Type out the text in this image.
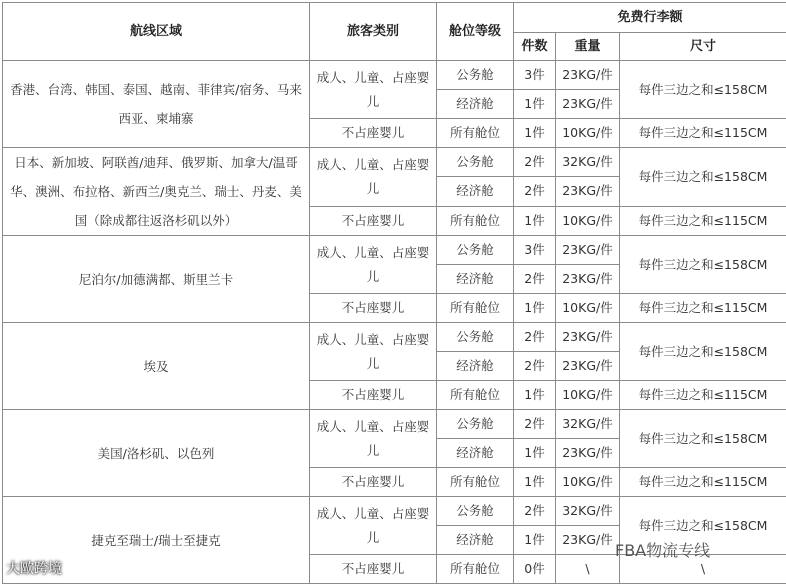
航线区域	旅客类别	舱位等级	免费行李额		
			件数	重量	尺寸
香港、台湾、韩国、泰国、越南、菲律宾/宿务、马来西亚、柬埔寨	成人、儿童、占座婴儿	公务舱	3件	23KG/件	每件三边之和≤158CM
		经济舱	1件	23KG/件	
	不占座婴儿	所有舱位	1件	10KG/件	每件三边之和≤115CM
日本、新加坡、阿联酋/迪拜、俄罗斯、加拿大/温哥华、澳洲、布拉格、新西兰/奥克兰、瑞士、丹麦、美国（除成都往返洛杉矶以外）	成人、儿童、占座婴儿	公务舱	2件	32KG/件	每件三边之和≤158CM
		经济舱	2件	23KG/件	
	不占座婴儿	所有舱位	1件	10KG/件	每件三边之和≤115CM
尼泊尔/加德满都、斯里兰卡	成人、儿童、占座婴儿	公务舱	3件	23KG/件	每件三边之和≤158CM
		经济舱	2件	23KG/件	
	不占座婴儿	所有舱位	1件	10KG/件	每件三边之和≤115CM
埃及	成人、儿童、占座婴儿	公务舱	2件	23KG/件	每件三边之和≤158CM
		经济舱	2件	23KG/件	
	不占座婴儿	所有舱位	1件	10KG/件	每件三边之和≤115CM
美国/洛杉矶、以色列	成人、儿童、占座婴儿	公务舱	2件	32KG/件	每件三边之和≤158CM
		经济舱	1件	23KG/件	
	不占座婴儿	所有舱位	1件	10KG/件	每件三边之和≤115CM
捷克至瑞士/瑞士至捷克	成人、儿童、占座婴儿	公务舱	2件	32KG/件	每件三边之和≤158CM
		经济舱	1件	23KG/件	
	不占座婴儿	所有舱位	0件	\	\
大歐跨境
FBA物流专线
